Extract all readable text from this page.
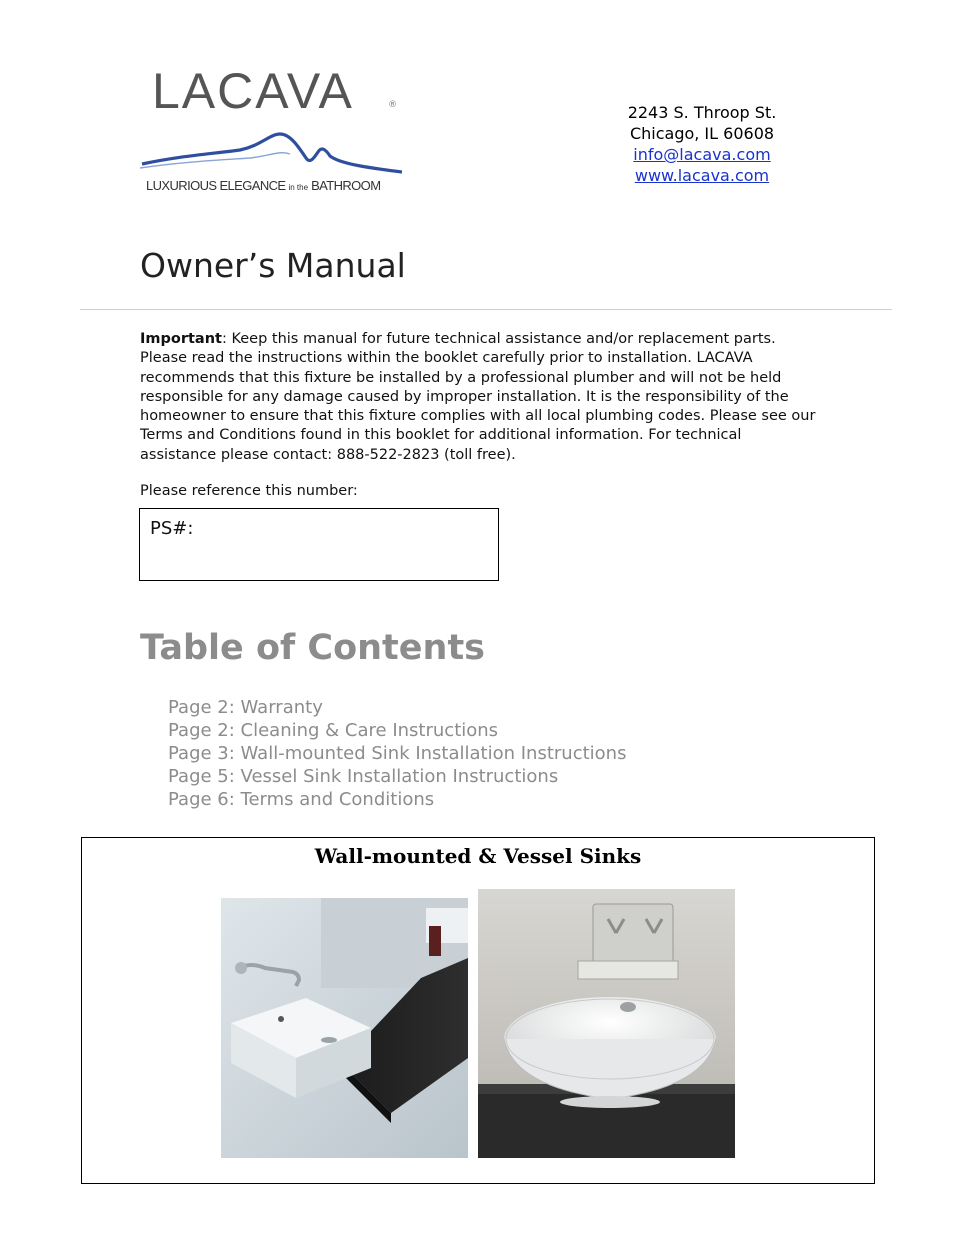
LACAVA	®
LUXURIOUS ELEGANCE in the BATHROOM
2243 S. Throop St.
Chicago, IL 60608
info@lacava.com
www.lacava.com
Owner’s Manual
Important: Keep this manual for future technical assistance and/or replacement parts. Please read the instructions within the booklet carefully prior to installation. LACAVA recommends that this fixture be installed by a professional plumber and will not be held responsible for any damage caused by improper installation. It is the responsibility of the homeowner to ensure that this fixture complies with all local plumbing codes. Please see our Terms and Conditions found in this booklet for additional information. For technical assistance please contact: 888-522-2823 (toll free).
Please reference this number:
PS#:
Table of Contents
Page 2: Warranty
Page 2: Cleaning & Care Instructions
Page 3: Wall-mounted Sink Installation Instructions
Page 5: Vessel Sink Installation Instructions
Page 6: Terms and Conditions
Wall-mounted & Vessel Sinks
